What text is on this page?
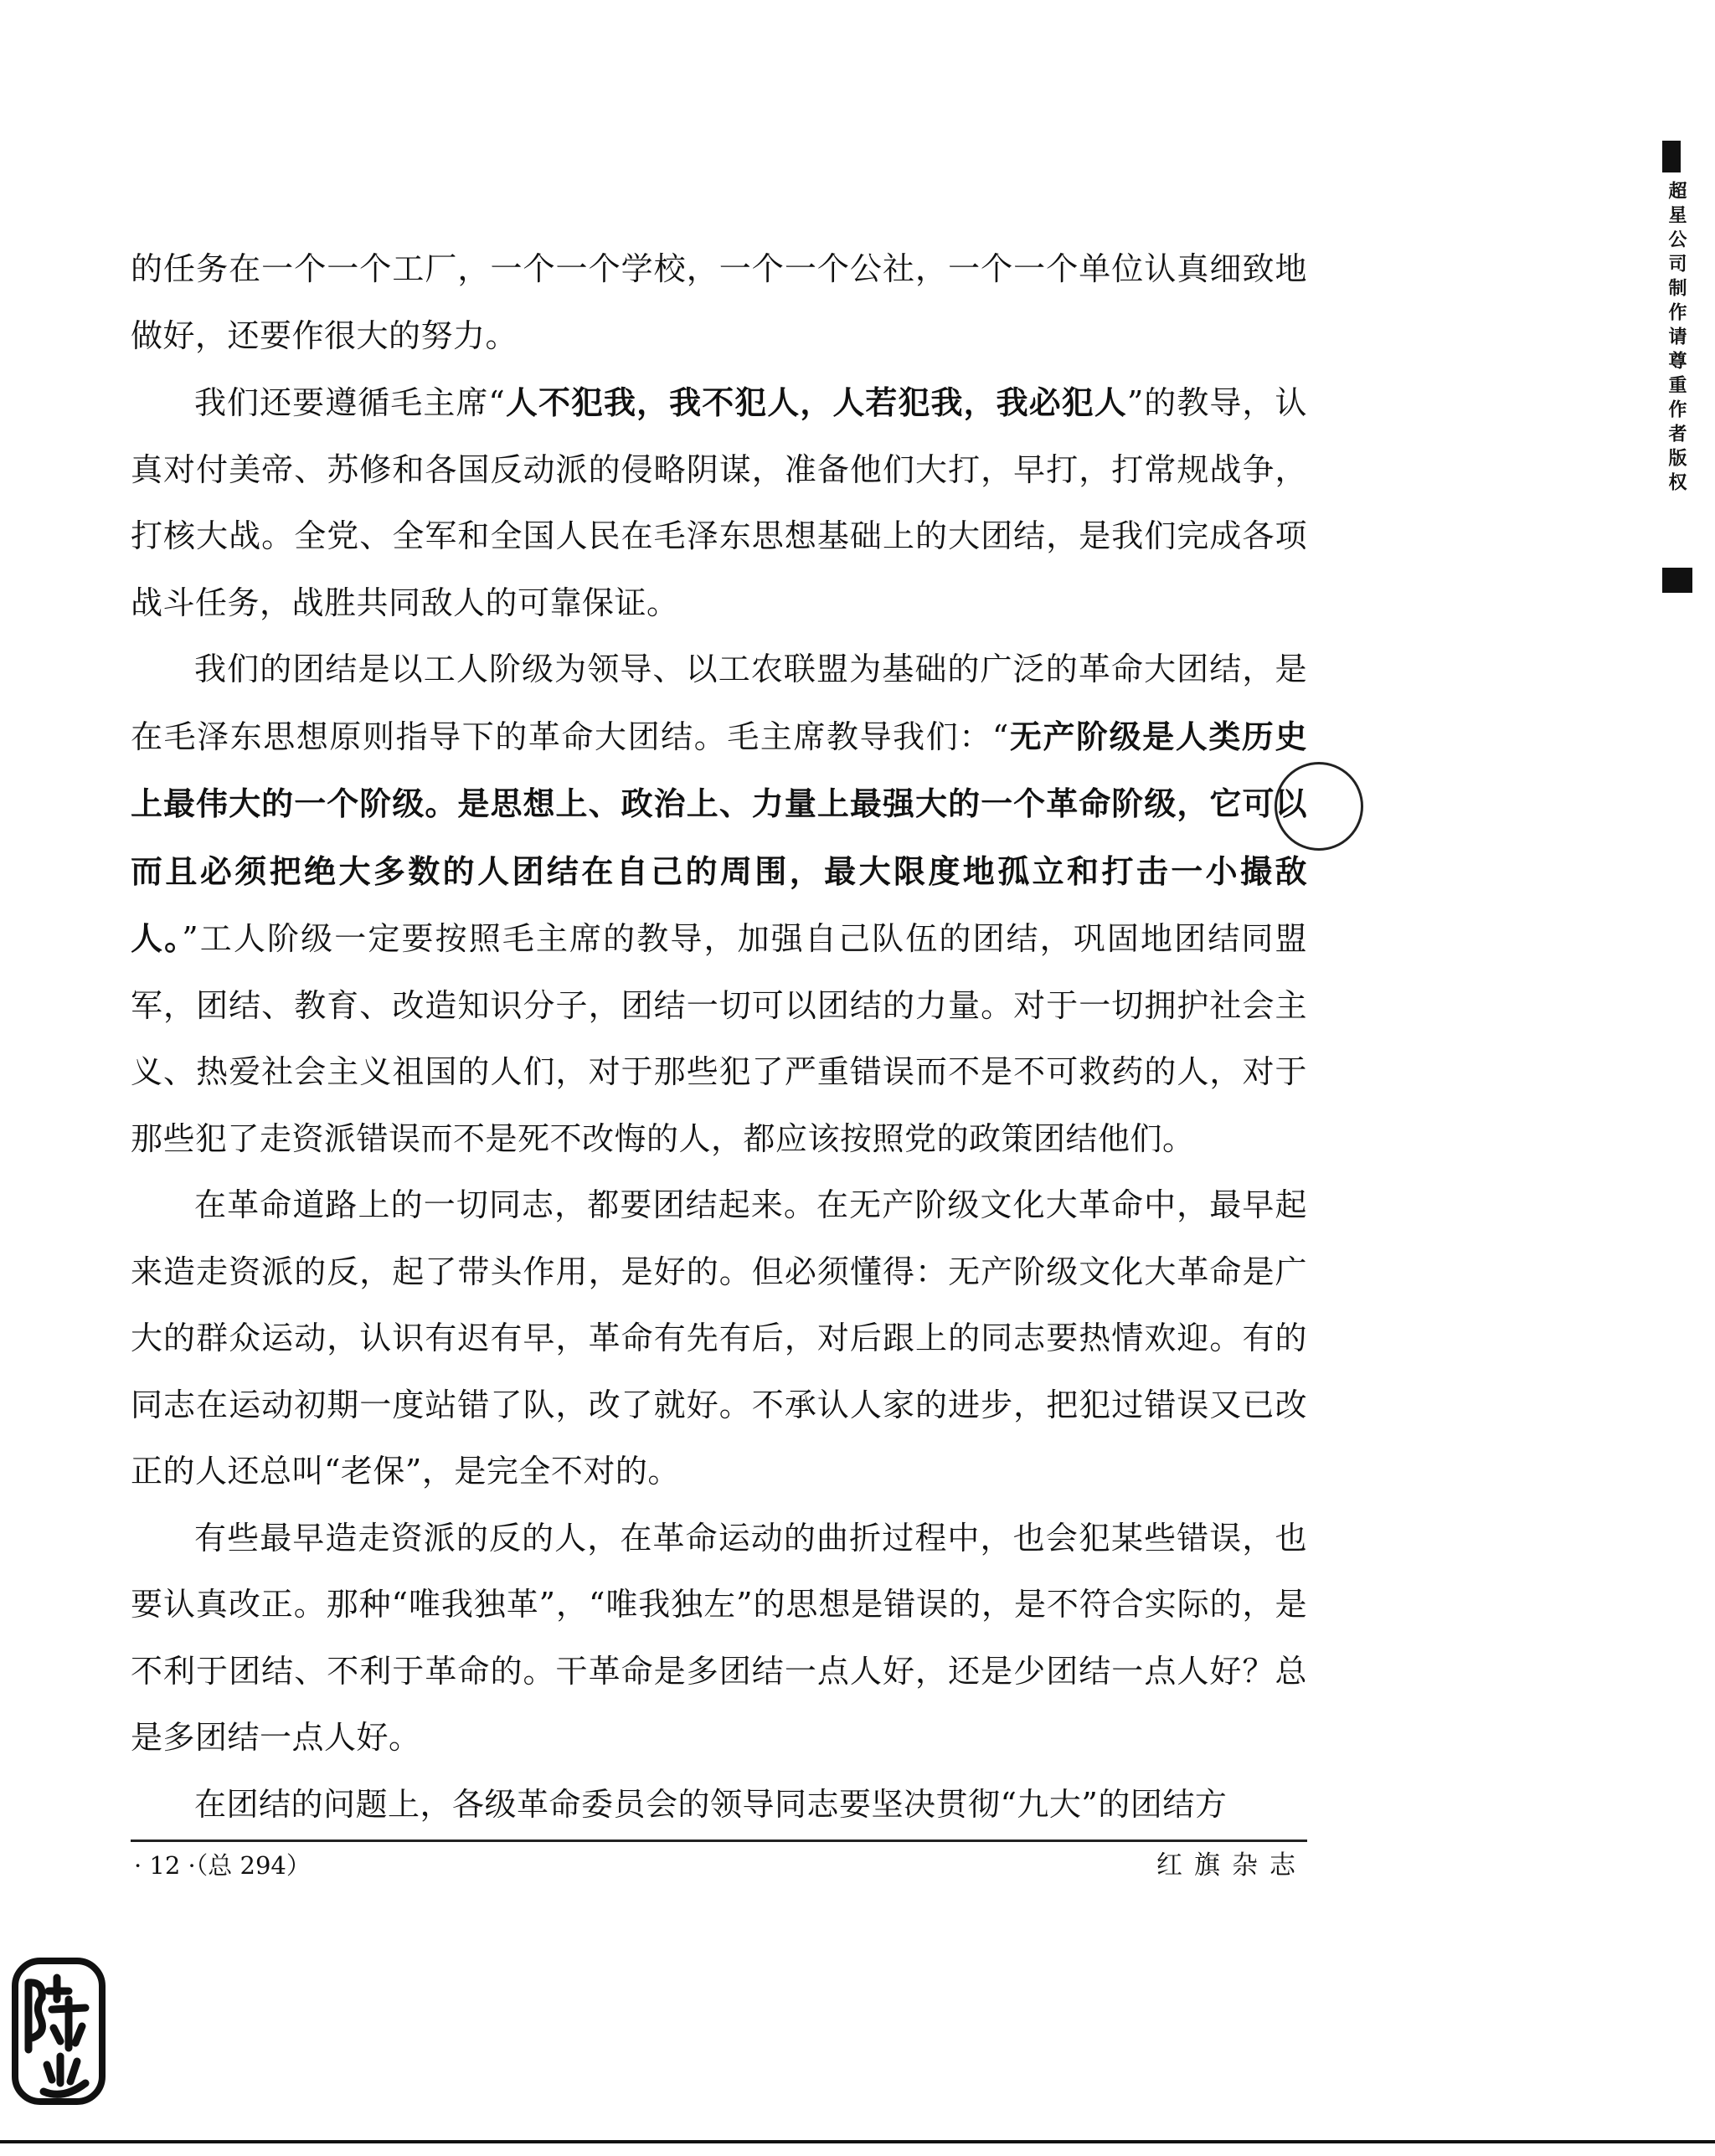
的任务在一个一个工厂，一个一个学校，一个一个公社，一个一个单位认真细致地做好，还要作很大的努力。

我们还要遵循毛主席“人不犯我，我不犯人，人若犯我，我必犯人”的教导，认真对付美帝、苏修和各国反动派的侵略阴谋，准备他们大打，早打，打常规战争，打核大战。全党、全军和全国人民在毛泽东思想基础上的大团结，是我们完成各项战斗任务，战胜共同敌人的可靠保证。

我们的团结是以工人阶级为领导、以工农联盟为基础的广泛的革命大团结，是在毛泽东思想原则指导下的革命大团结。毛主席教导我们：“无产阶级是人类历史上最伟大的一个阶级。是思想上、政治上、力量上最强大的一个革命阶级，它可以而且必须把绝大多数的人团结在自己的周围，最大限度地孤立和打击一小撮敌人。”工人阶级一定要按照毛主席的教导，加强自己队伍的团结，巩固地团结同盟军，团结、教育、改造知识分子，团结一切可以团结的力量。对于一切拥护社会主义、热爱社会主义祖国的人们，对于那些犯了严重错误而不是不可救药的人，对于那些犯了走资派错误而不是死不改悔的人，都应该按照党的政策团结他们。

在革命道路上的一切同志，都要团结起来。在无产阶级文化大革命中，最早起来造走资派的反，起了带头作用，是好的。但必须懂得：无产阶级文化大革命是广大的群众运动，认识有迟有早，革命有先有后，对后跟上的同志要热情欢迎。有的同志在运动初期一度站错了队，改了就好。不承认人家的进步，把犯过错误又已改正的人还总叫“老保”，是完全不对的。

有些最早造走资派的反的人，在革命运动的曲折过程中，也会犯某些错误，也要认真改正。那种“唯我独革”，“唯我独左”的思想是错误的，是不符合实际的，是不利于团结、不利于革命的。干革命是多团结一点人好，还是少团结一点人好？总是多团结一点人好。

在团结的问题上，各级革命委员会的领导同志要坚决贯彻“九大”的团结方

· 12 ·（总 294）	红旗杂志
超星公司制作请尊重作者版权
